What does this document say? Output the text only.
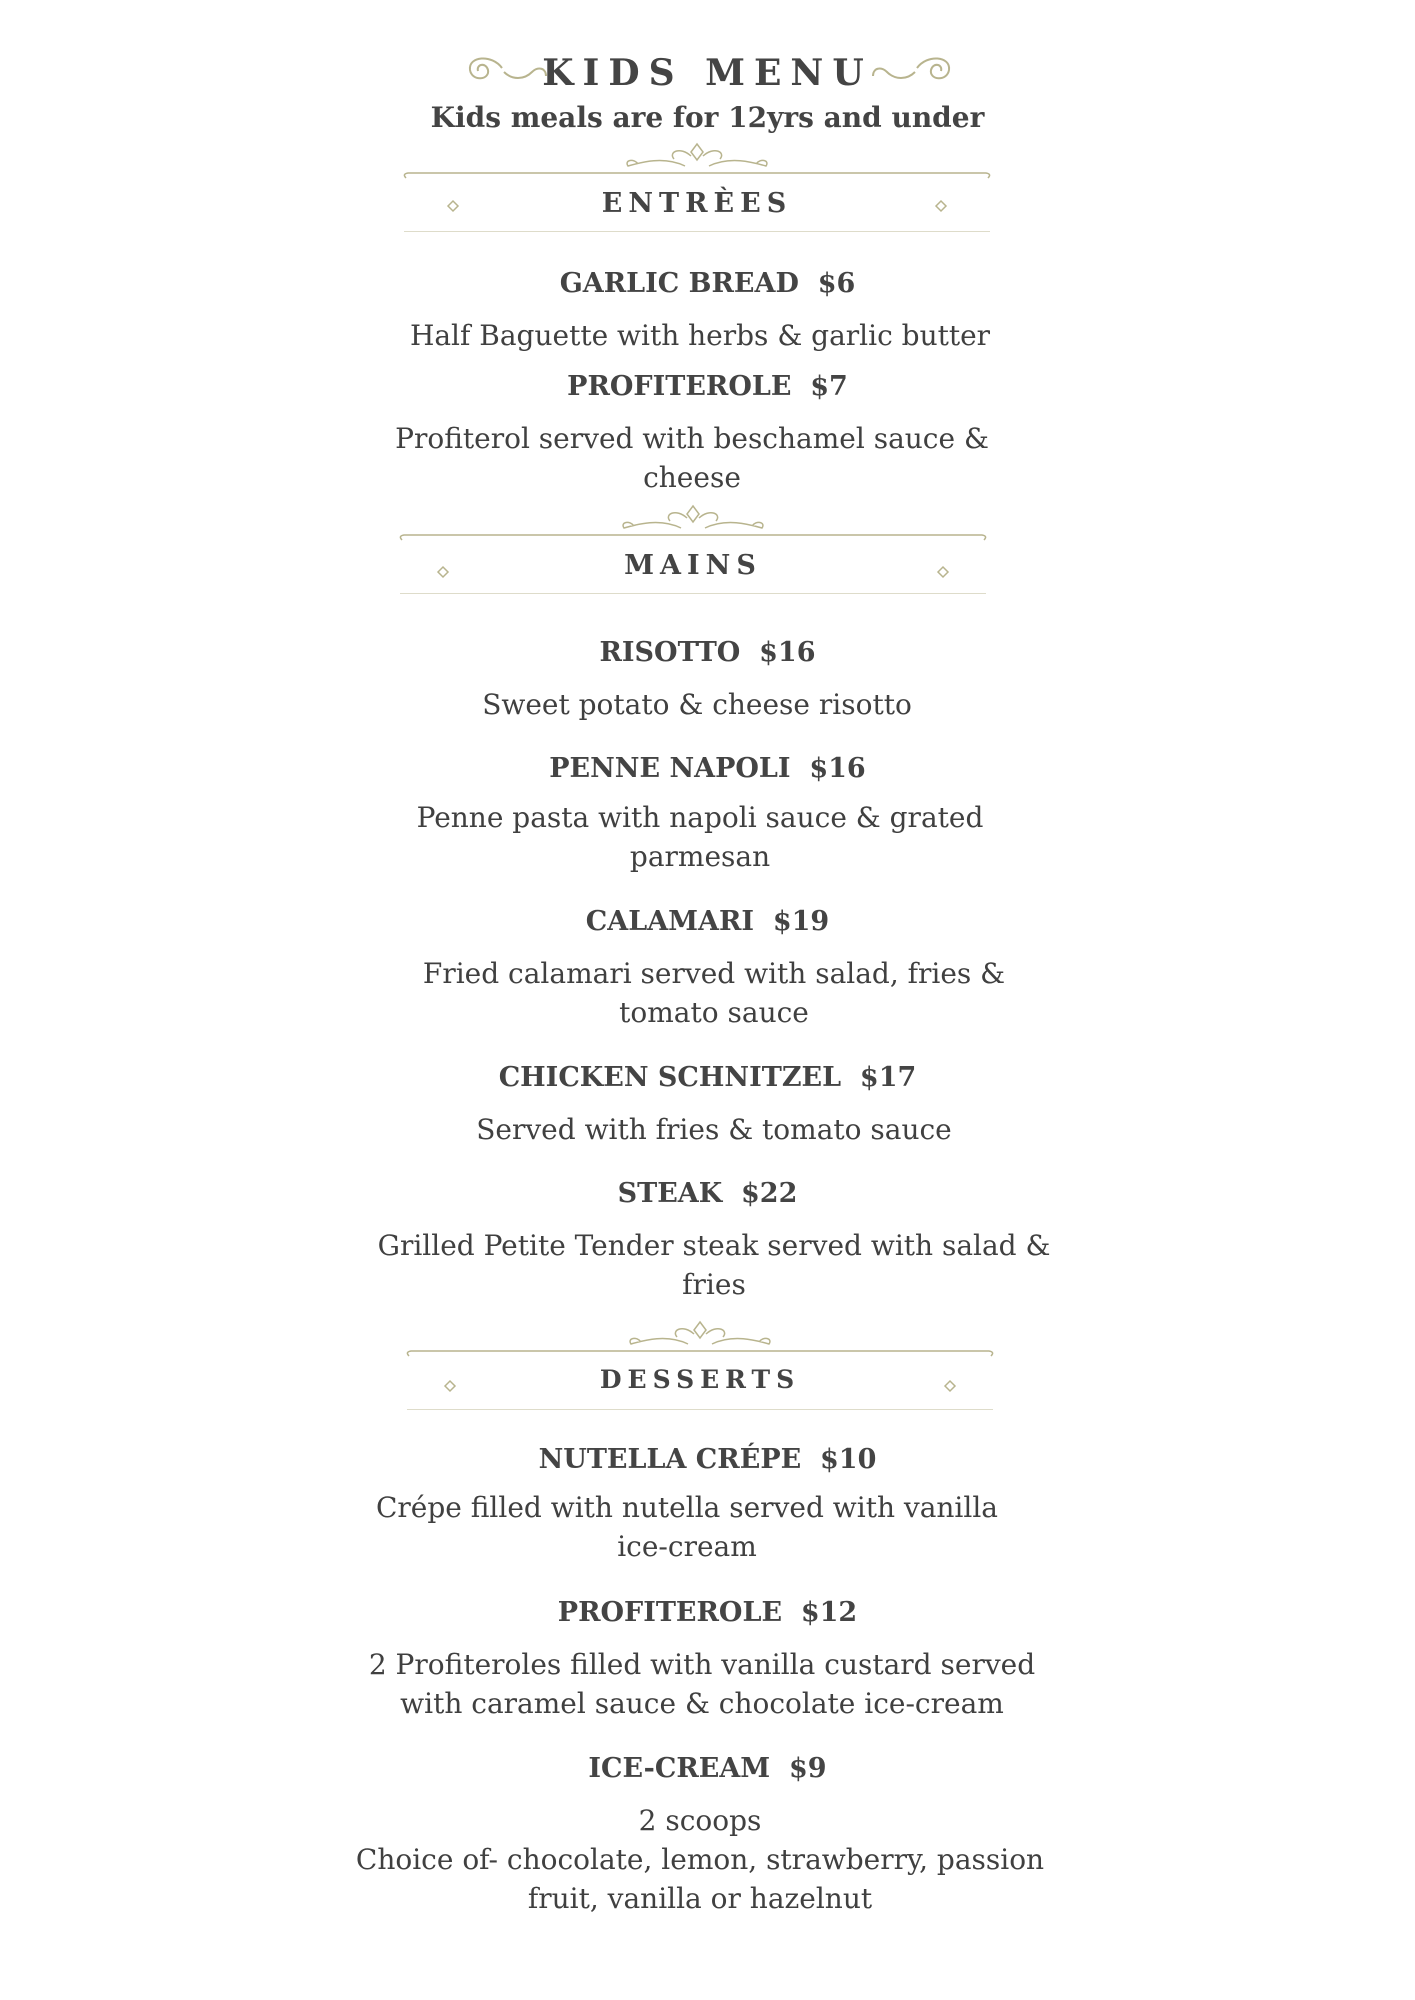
KIDS MENU
Kids meals are for 12yrs and under
ENTRÈES
GARLIC BREAD $6
Half Baguette with herbs & garlic butter
PROFITEROLE $7
Profiterol served with beschamel sauce & cheese
MAINS
RISOTTO $16
Sweet potato & cheese risotto
PENNE NAPOLI $16
Penne pasta with napoli sauce & grated parmesan
CALAMARI $19
Fried calamari served with salad, fries & tomato sauce
CHICKEN SCHNITZEL $17
Served with fries & tomato sauce
STEAK $22
Grilled Petite Tender steak served with salad & fries
DESSERTS
NUTELLA CRÉPE $10
Crépe filled with nutella served with vanilla ice-cream
PROFITEROLE $12
2 Profiteroles filled with vanilla custard served with caramel sauce & chocolate ice-cream
ICE-CREAM $9
2 scoops
Choice of- chocolate, lemon, strawberry, passion fruit, vanilla or hazelnut
